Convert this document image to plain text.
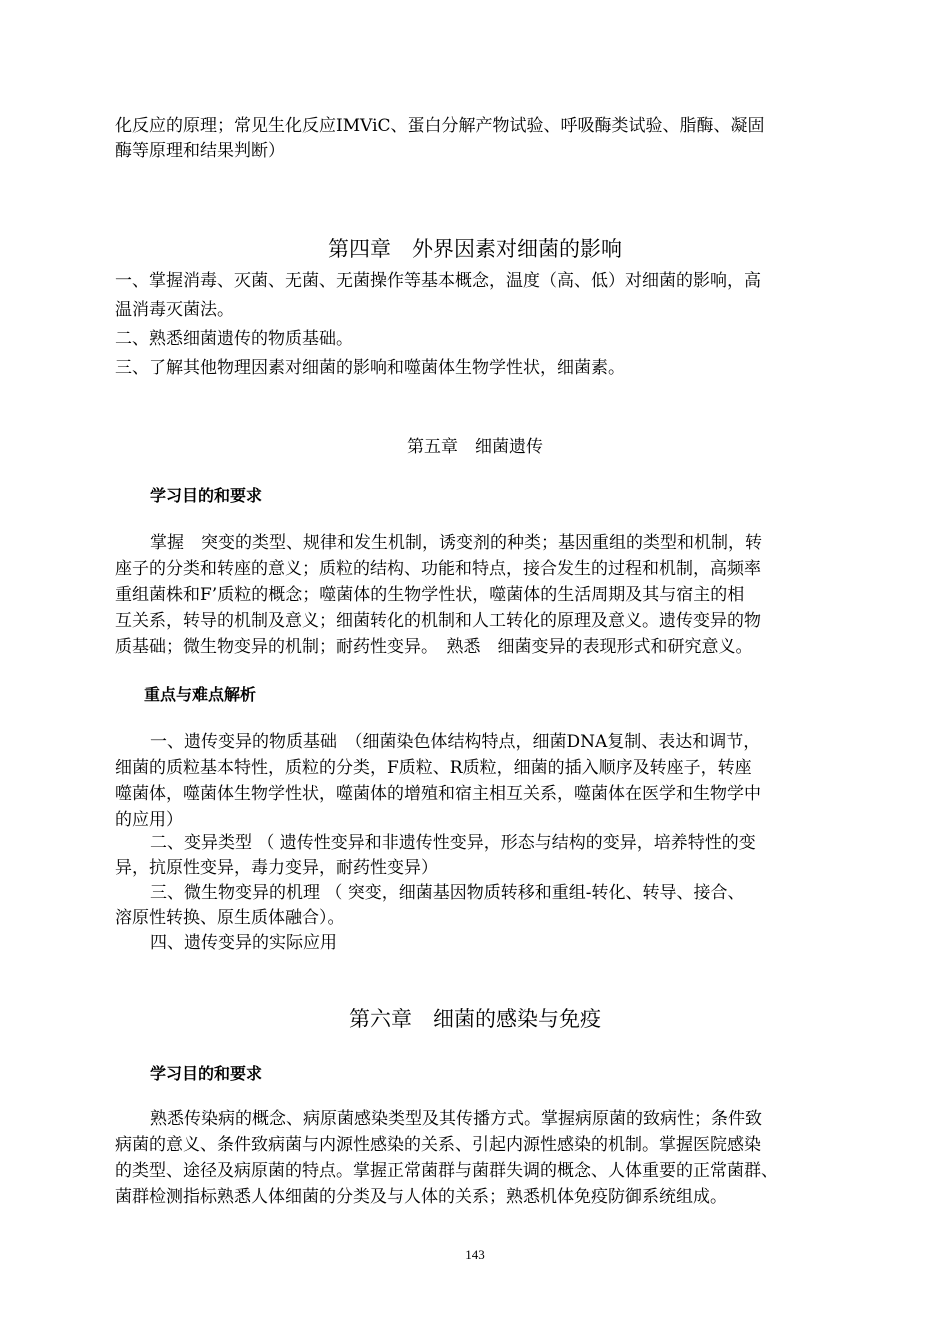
化反应的原理；常见生化反应IMViC、蛋白分解产物试验、呼吸酶类试验、脂酶、凝固
酶等原理和结果判断）
第四章　外界因素对细菌的影响
一、掌握消毒、灭菌、无菌、无菌操作等基本概念，温度（高、低）对细菌的影响，高
温消毒灭菌法。
二、熟悉细菌遗传的物质基础。
三、了解其他物理因素对细菌的影响和噬菌体生物学性状，细菌素。
第五章　细菌遗传
学习目的和要求
掌握　突变的类型、规律和发生机制，诱变剂的种类；基因重组的类型和机制，转
座子的分类和转座的意义；质粒的结构、功能和特点，接合发生的过程和机制，高频率
重组菌株和F’质粒的概念；噬菌体的生物学性状，噬菌体的生活周期及其与宿主的相
互关系，转导的机制及意义；细菌转化的机制和人工转化的原理及意义。遗传变异的物
质基础；微生物变异的机制；耐药性变异。　熟悉　细菌变异的表现形式和研究意义。
重点与难点解析
一、遗传变异的物质基础　（细菌染色体结构特点，细菌DNA复制、表达和调节，
细菌的质粒基本特性，质粒的分类，F质粒、R质粒，细菌的插入顺序及转座子，转座
噬菌体，噬菌体生物学性状，噬菌体的增殖和宿主相互关系，噬菌体在医学和生物学中
的应用）
二、变异类型 （ 遗传性变异和非遗传性变异，形态与结构的变异，培养特性的变
异，抗原性变异，毒力变异，耐药性变异）
三、微生物变异的机理 （ 突变，细菌基因物质转移和重组-转化、转导、接合、
溶原性转换、原生质体融合）。
四、遗传变异的实际应用
第六章　细菌的感染与免疫
学习目的和要求
熟悉传染病的概念、病原菌感染类型及其传播方式。掌握病原菌的致病性；条件致
病菌的意义、条件致病菌与内源性感染的关系、引起内源性感染的机制。掌握医院感染
的类型、途径及病原菌的特点。掌握正常菌群与菌群失调的概念、人体重要的正常菌群、
菌群检测指标熟悉人体细菌的分类及与人体的关系；熟悉机体免疫防御系统组成。
143
